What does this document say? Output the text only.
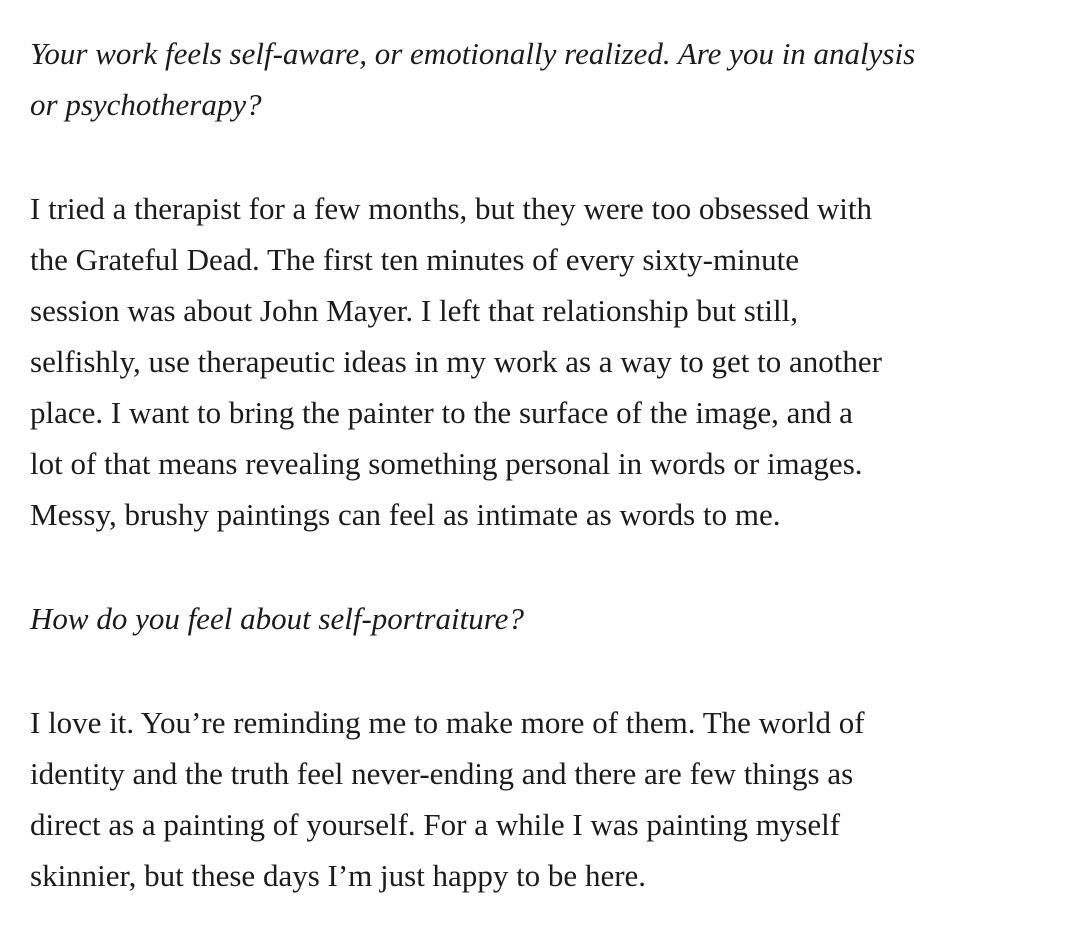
Your work feels self-aware, or emotionally realized. Are you in analysis
or psychotherapy?

I tried a therapist for a few months, but they were too obsessed with
the Grateful Dead. The first ten minutes of every sixty-minute
session was about John Mayer. I left that relationship but still,
selfishly, use therapeutic ideas in my work as a way to get to another
place. I want to bring the painter to the surface of the image, and a
lot of that means revealing something personal in words or images.
Messy, brushy paintings can feel as intimate as words to me.

How do you feel about self-portraiture?

I love it. You’re reminding me to make more of them. The world of
identity and the truth feel never-ending and there are few things as
direct as a painting of yourself. For a while I was painting myself
skinnier, but these days I’m just happy to be here.
